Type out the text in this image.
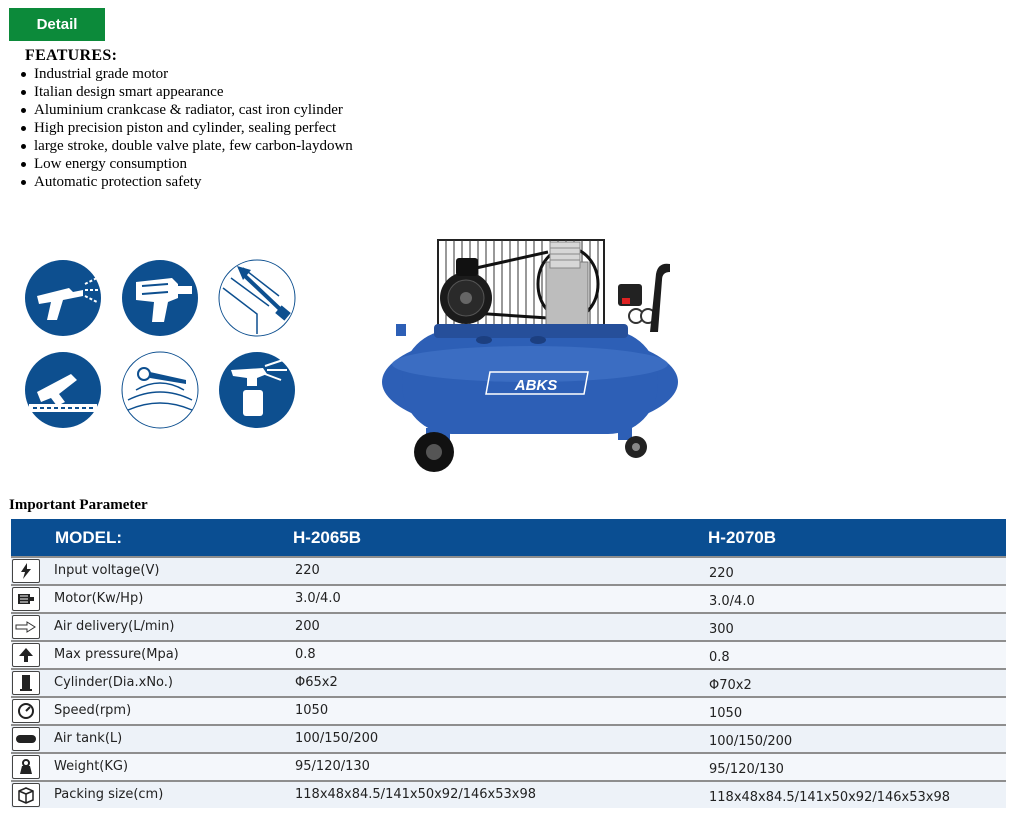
Detail
FEATURES:
Industrial grade motor
Italian design smart appearance
Aluminium crankcase & radiator, cast iron cylinder
High precision piston and cylinder, sealing perfect
large stroke, double valve plate, few carbon-laydown
Low energy consumption
Automatic protection safety
ABKS
Important Parameter
MODEL:	H-2065B	H-2070B
Input voltage(V)	220	220
Motor(Kw/Hp)	3.0/4.0	3.0/4.0
Air delivery(L/min)	200	300
Max pressure(Mpa)	0.8	0.8
Cylinder(Dia.xNo.)	Φ65x2	Φ70x2
Speed(rpm)	1050	1050
Air tank(L)	100/150/200	100/150/200
Weight(KG)	95/120/130	95/120/130
Packing size(cm)	118x48x84.5/141x50x92/146x53x98	118x48x84.5/141x50x92/146x53x98
